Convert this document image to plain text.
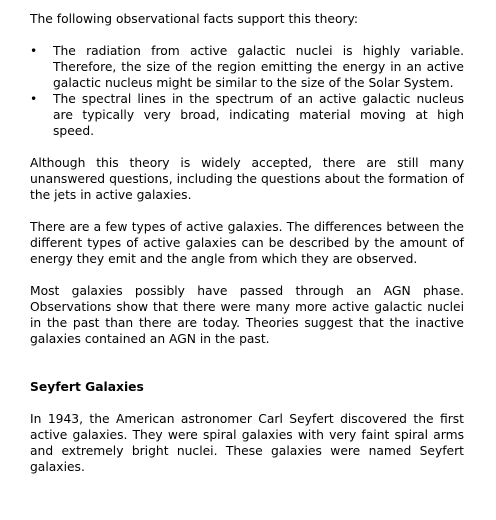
The following observational facts support this theory:

• The radiation from active galactic nuclei is highly variable. Therefore, the size of the region emitting the energy in an active galactic nucleus might be similar to the size of the Solar System.
• The spectral lines in the spectrum of an active galactic nucleus are typically very broad, indicating material moving at high speed.

Although this theory is widely accepted, there are still many unanswered questions, including the questions about the formation of the jets in active galaxies.

There are a few types of active galaxies. The differences between the different types of active galaxies can be described by the amount of energy they emit and the angle from which they are observed.

Most galaxies possibly have passed through an AGN phase. Observations show that there were many more active galactic nuclei in the past than there are today. Theories suggest that the inactive galaxies contained an AGN in the past.

Seyfert Galaxies

In 1943, the American astronomer Carl Seyfert discovered the first active galaxies. They were spiral galaxies with very faint spiral arms and extremely bright nuclei. These galaxies were named Seyfert galaxies.
